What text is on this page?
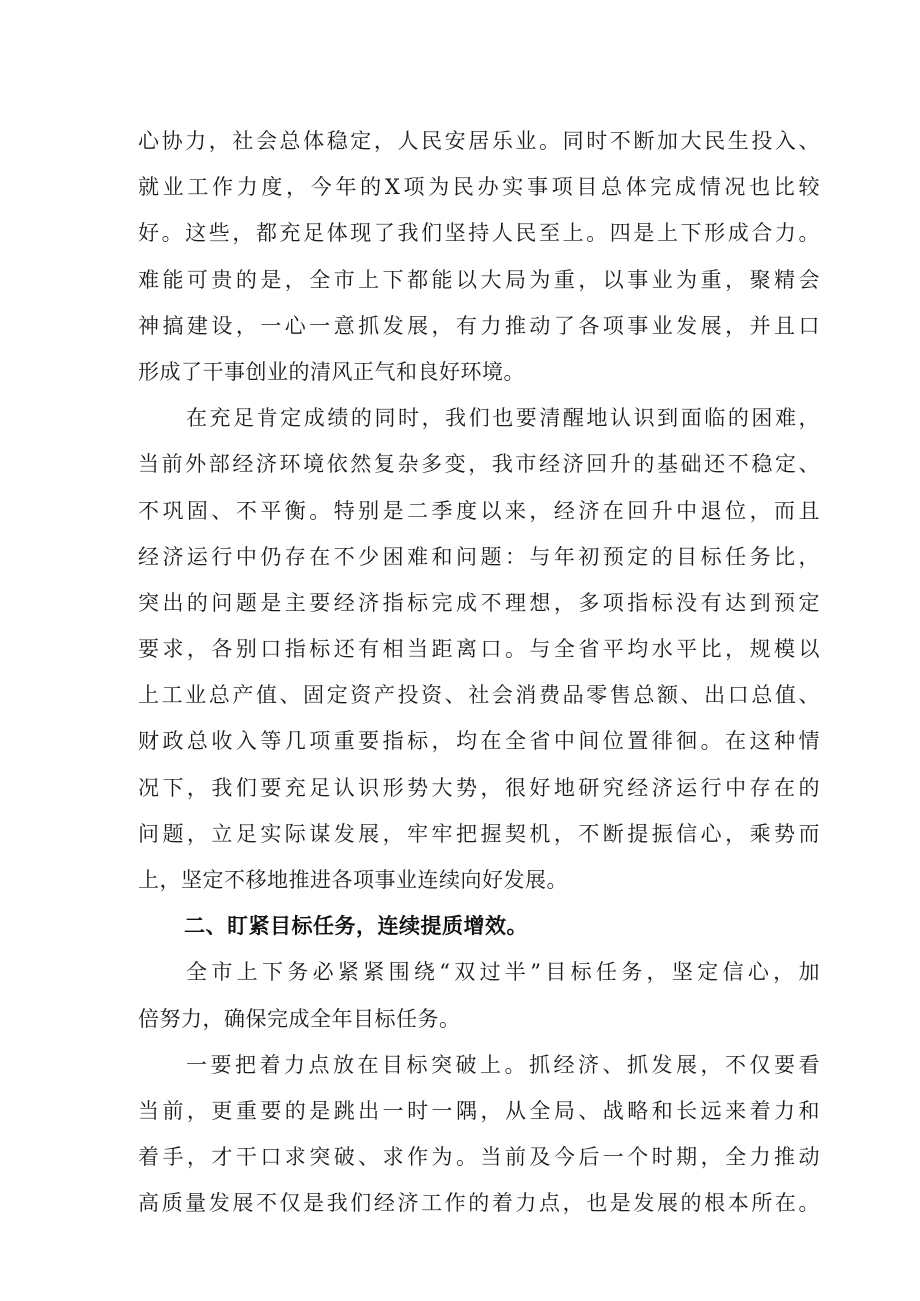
心协力，社会总体稳定，人民安居乐业。同时不断加大民生投入、
就业工作力度，今年的X项为民办实事项目总体完成情况也比较
好。这些，都充足体现了我们坚持人民至上。四是上下形成合力。
难能可贵的是，全市上下都能以大局为重，以事业为重，聚精会
神搞建设，一心一意抓发展，有力推动了各项事业发展，并且口
形成了干事创业的清风正气和良好环境。
在充足肯定成绩的同时，我们也要清醒地认识到面临的困难，
当前外部经济环境依然复杂多变，我市经济回升的基础还不稳定、
不巩固、不平衡。特别是二季度以来，经济在回升中退位，而且
经济运行中仍存在不少困难和问题：与年初预定的目标任务比，
突出的问题是主要经济指标完成不理想，多项指标没有达到预定
要求，各别口指标还有相当距离口。与全省平均水平比，规模以
上工业总产值、固定资产投资、社会消费品零售总额、出口总值、
财政总收入等几项重要指标，均在全省中间位置徘徊。在这种情
况下，我们要充足认识形势大势，很好地研究经济运行中存在的
问题，立足实际谋发展，牢牢把握契机，不断提振信心，乘势而
上，坚定不移地推进各项事业连续向好发展。
二、盯紧目标任务，连续提质增效。
全市上下务必紧紧围绕“双过半”目标任务，坚定信心，加
倍努力，确保完成全年目标任务。
一要把着力点放在目标突破上。抓经济、抓发展，不仅要看
当前，更重要的是跳出一时一隅，从全局、战略和长远来着力和
着手，才干口求突破、求作为。当前及今后一个时期，全力推动
高质量发展不仅是我们经济工作的着力点，也是发展的根本所在。
